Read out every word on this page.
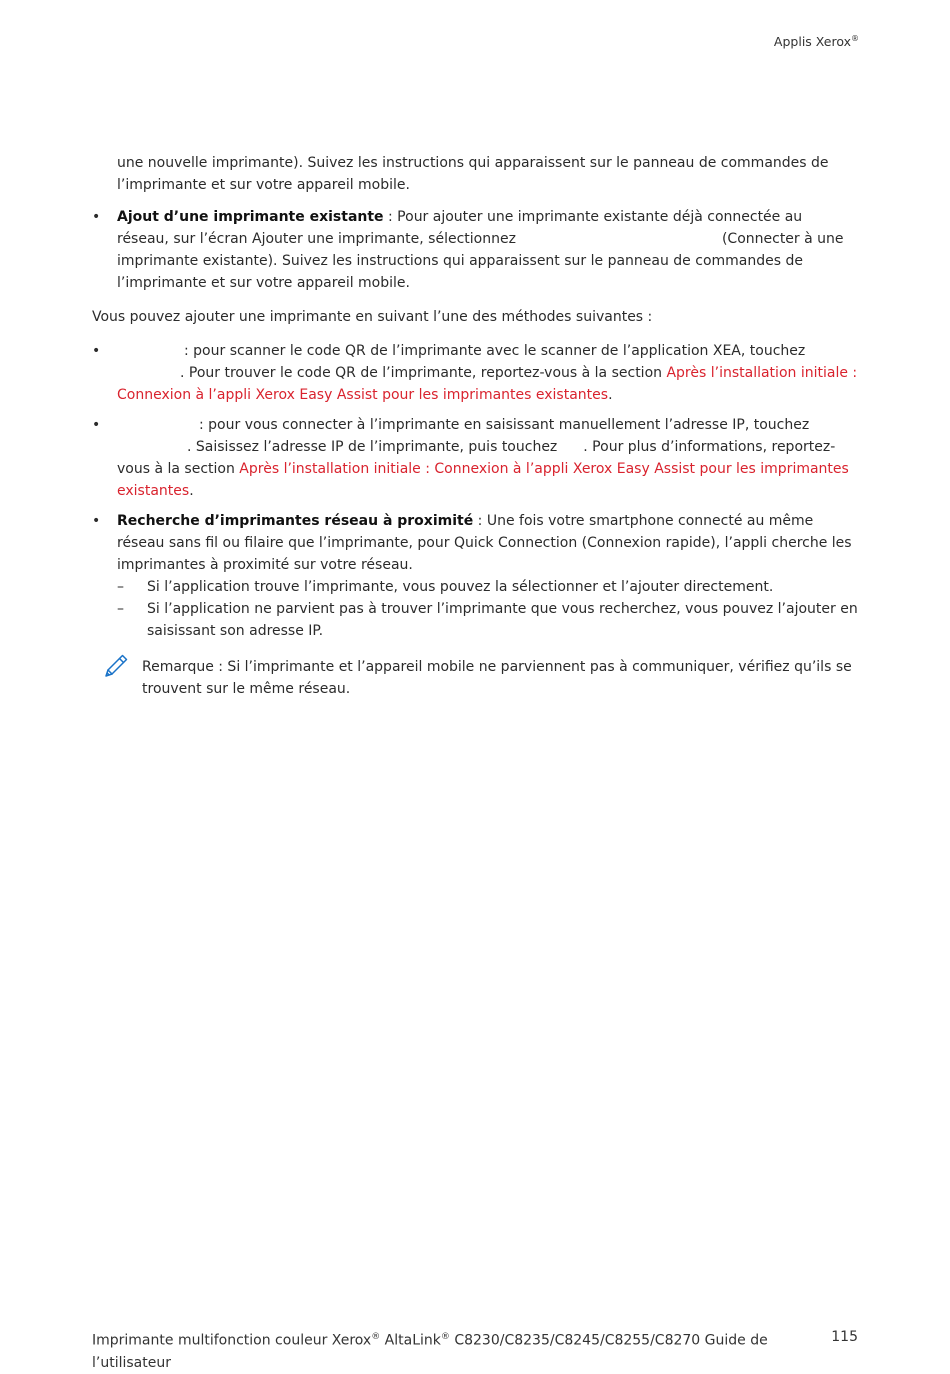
Applis Xerox®

une nouvelle imprimante). Suivez les instructions qui apparaissent sur le panneau de commandes de l’imprimante et sur votre appareil mobile.

•	Ajout d’une imprimante existante : Pour ajouter une imprimante existante déjà connectée au réseau, sur l’écran Ajouter une imprimante, sélectionnez	(Connecter à une imprimante existante). Suivez les instructions qui apparaissent sur le panneau de commandes de l’imprimante et sur votre appareil mobile.

Vous pouvez ajouter une imprimante en suivant l’une des méthodes suivantes :

•	: pour scanner le code QR de l’imprimante avec le scanner de l’application XEA, touchez. Pour trouver le code QR de l’imprimante, reportez-vous à la section Après l’installation initiale : Connexion à l’appli Xerox Easy Assist pour les imprimantes existantes.
•	: pour vous connecter à l’imprimante en saisissant manuellement l’adresse IP, touchez. Saisissez l’adresse IP de l’imprimante, puis touchez . Pour plus d’informations, reportez-vous à la section Après l’installation initiale : Connexion à l’appli Xerox Easy Assist pour les imprimantes existantes.
•	Recherche d’imprimantes réseau à proximité : Une fois votre smartphone connecté au même réseau sans fil ou filaire que l’imprimante, pour Quick Connection (Connexion rapide), l’appli cherche les imprimantes à proximité sur votre réseau.
–	Si l’application trouve l’imprimante, vous pouvez la sélectionner et l’ajouter directement.
–	Si l’application ne parvient pas à trouver l’imprimante que vous recherchez, vous pouvez l’ajouter en saisissant son adresse IP.
Remarque : Si l’imprimante et l’appareil mobile ne parviennent pas à communiquer, vérifiez qu’ils se trouvent sur le même réseau.
Imprimante multifonction couleur Xerox® AltaLink® C8230/C8235/C8245/C8255/C8270 Guide de l’utilisateur
115
